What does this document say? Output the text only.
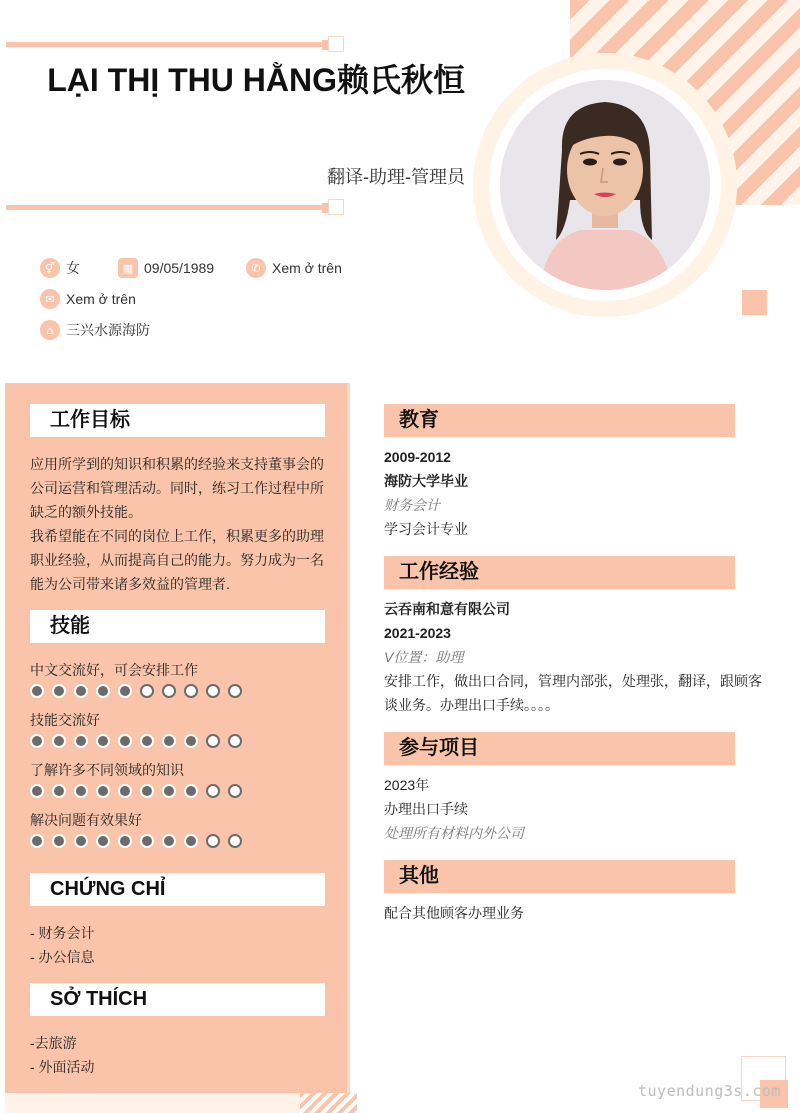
LẠI THỊ THU HẰNG赖氏秋恒
翻译-助理-管理员
⚥ 女	▦ 09/05/1989	✆ Xem ở trên
✉ Xem ở trên
⌂ 三兴水源海防
工作目标
应用所学到的知识和积累的经验来支持董事会的
公司运营和管理活动。同时，练习工作过程中所
缺乏的额外技能。
我希望能在不同的岗位上工作，积累更多的助理
职业经验，从而提高自己的能力。努力成为一名
能为公司带来诸多效益的管理者.
技能
中文交流好，可会安排工作
技能交流好
了解许多不同领域的知识
解决问题有效果好
CHỨNG CHỈ
- 财务会计
- 办公信息
SỞ THÍCH
-去旅游
- 外面活动
教育
2009-2012
海防大学毕业
财务会计
学习会计专业
工作经验
云吞南和意有限公司
2021-2023
V位置：助理
安排工作，做出口合同，管理内部张，处理张，翻译，跟顾客
谈业务。办理出口手续。。。。
参与项目
2023年
办理出口手续
处理所有材料内外公司
其他
配合其他顾客办理业务
tuyendung3s.com
